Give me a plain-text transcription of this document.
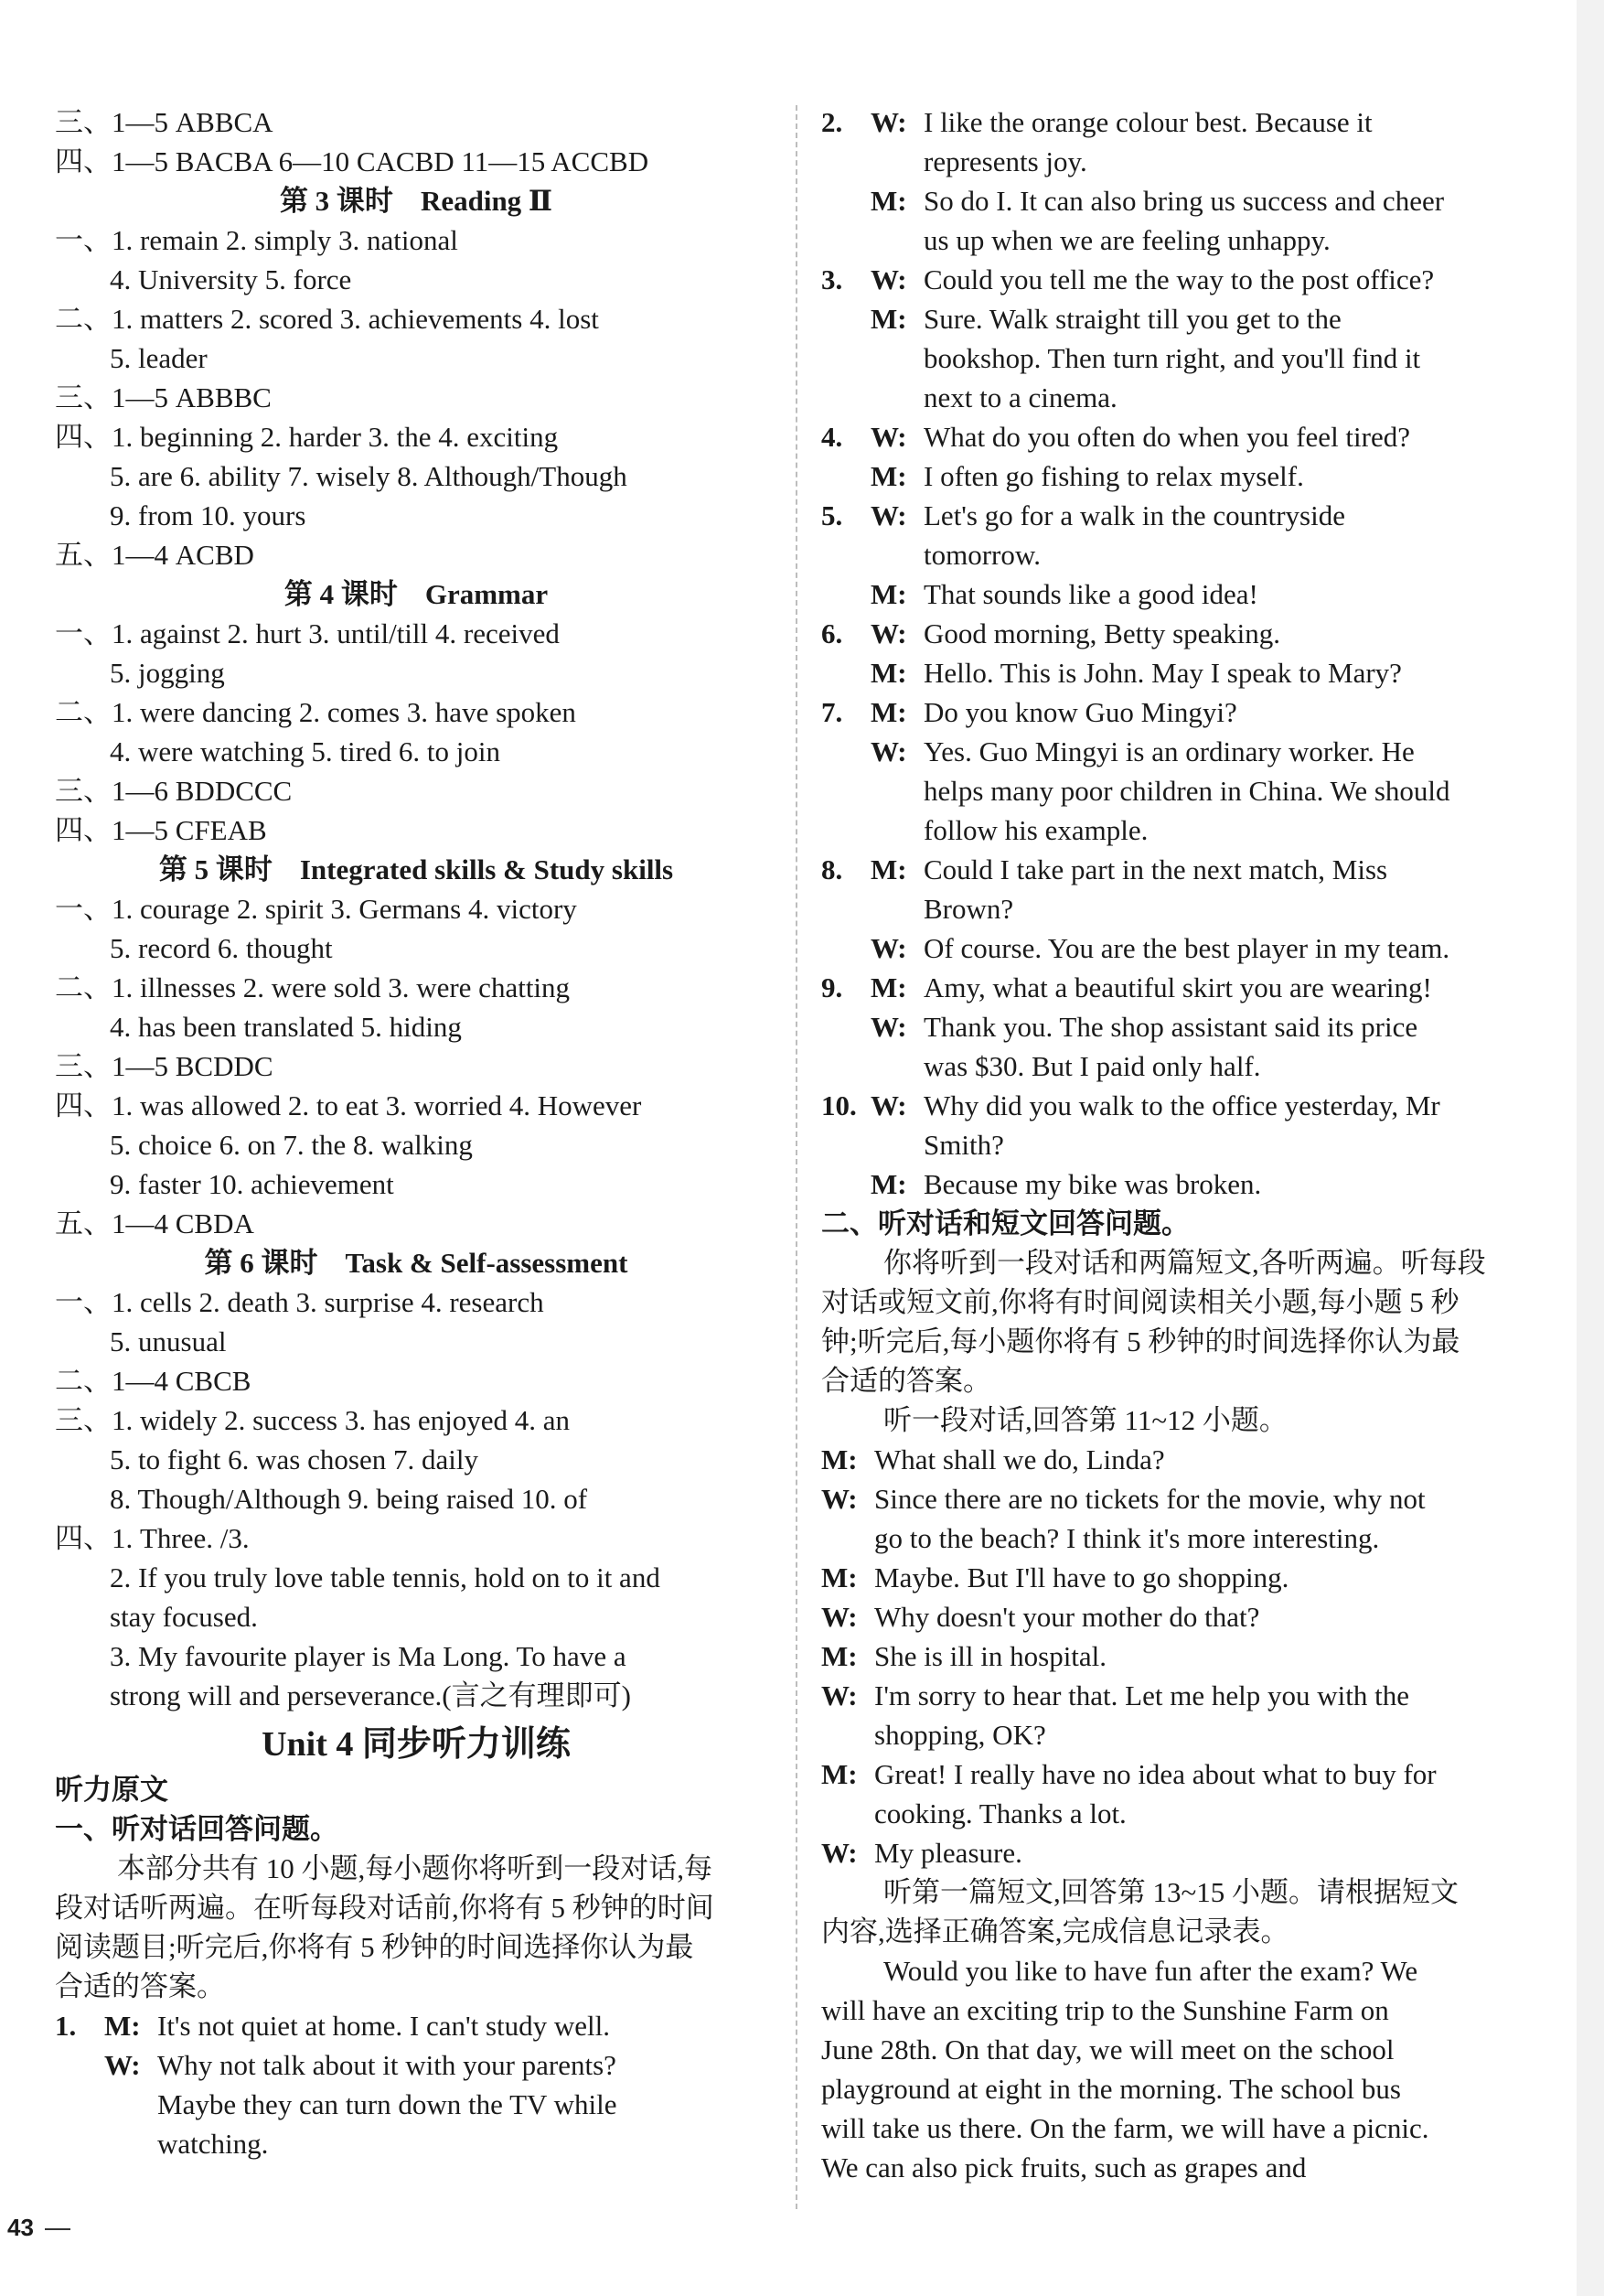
三、1—5 ABBCA
四、1—5 BACBA 6—10 CACBD 11—15 ACCBD
第 3 课时 Reading Ⅱ
一、1. remain 2. simply 3. national
4. University 5. force
二、1. matters 2. scored 3. achievements 4. lost
5. leader
三、1—5 ABBBC
四、1. beginning 2. harder 3. the 4. exciting
5. are 6. ability 7. wisely 8. Although/Though
9. from 10. yours
五、1—4 ACBD
第 4 课时 Grammar
一、1. against 2. hurt 3. until/till 4. received
5. jogging
二、1. were dancing 2. comes 3. have spoken
4. were watching 5. tired 6. to join
三、1—6 BDDCCC
四、1—5 CFEAB
第 5 课时 Integrated skills & Study skills
一、1. courage 2. spirit 3. Germans 4. victory
5. record 6. thought
二、1. illnesses 2. were sold 3. were chatting
4. has been translated 5. hiding
三、1—5 BCDDC
四、1. was allowed 2. to eat 3. worried 4. However
5. choice 6. on 7. the 8. walking
9. faster 10. achievement
五、1—4 CBDA
第 6 课时 Task & Self-assessment
一、1. cells 2. death 3. surprise 4. research
5. unusual
二、1—4 CBCB
三、1. widely 2. success 3. has enjoyed 4. an
5. to fight 6. was chosen 7. daily
8. Though/Although 9. being raised 10. of
四、1. Three. /3.
2. If you truly love table tennis, hold on to it and
stay focused.
3. My favourite player is Ma Long. To have a
strong will and perseverance.(言之有理即可)
Unit 4 同步听力训练
听力原文
一、听对话回答问题。
本部分共有 10 小题,每小题你将听到一段对话,每
段对话听两遍。在听每段对话前,你将有 5 秒钟的时间
阅读题目;听完后,你将有 5 秒钟的时间选择你认为最
合适的答案。
1. M: It's not quiet at home. I can't study well.
W: Why not talk about it with your parents?
Maybe they can turn down the TV while
watching.
2. W: I like the orange colour best. Because it
represents joy.
M: So do I. It can also bring us success and cheer
us up when we are feeling unhappy.
3. W: Could you tell me the way to the post office?
M: Sure. Walk straight till you get to the
bookshop. Then turn right, and you'll find it
next to a cinema.
4. W: What do you often do when you feel tired?
M: I often go fishing to relax myself.
5. W: Let's go for a walk in the countryside
tomorrow.
M: That sounds like a good idea!
6. W: Good morning, Betty speaking.
M: Hello. This is John. May I speak to Mary?
7. M: Do you know Guo Mingyi?
W: Yes. Guo Mingyi is an ordinary worker. He
helps many poor children in China. We should
follow his example.
8. M: Could I take part in the next match, Miss
Brown?
W: Of course. You are the best player in my team.
9. M: Amy, what a beautiful skirt you are wearing!
W: Thank you. The shop assistant said its price
was $30. But I paid only half.
10. W: Why did you walk to the office yesterday, Mr
Smith?
M: Because my bike was broken.
二、听对话和短文回答问题。
你将听到一段对话和两篇短文,各听两遍。听每段
对话或短文前,你将有时间阅读相关小题,每小题 5 秒
钟;听完后,每小题你将有 5 秒钟的时间选择你认为最
合适的答案。
听一段对话,回答第 11~12 小题。
M: What shall we do, Linda?
W: Since there are no tickets for the movie, why not
go to the beach? I think it's more interesting.
M: Maybe. But I'll have to go shopping.
W: Why doesn't your mother do that?
M: She is ill in hospital.
W: I'm sorry to hear that. Let me help you with the
shopping, OK?
M: Great! I really have no idea about what to buy for
cooking. Thanks a lot.
W: My pleasure.
听第一篇短文,回答第 13~15 小题。请根据短文
内容,选择正确答案,完成信息记录表。
Would you like to have fun after the exam? We
will have an exciting trip to the Sunshine Farm on
June 28th. On that day, we will meet on the school
playground at eight in the morning. The school bus
will take us there. On the farm, we will have a picnic.
We can also pick fruits, such as grapes and
43
